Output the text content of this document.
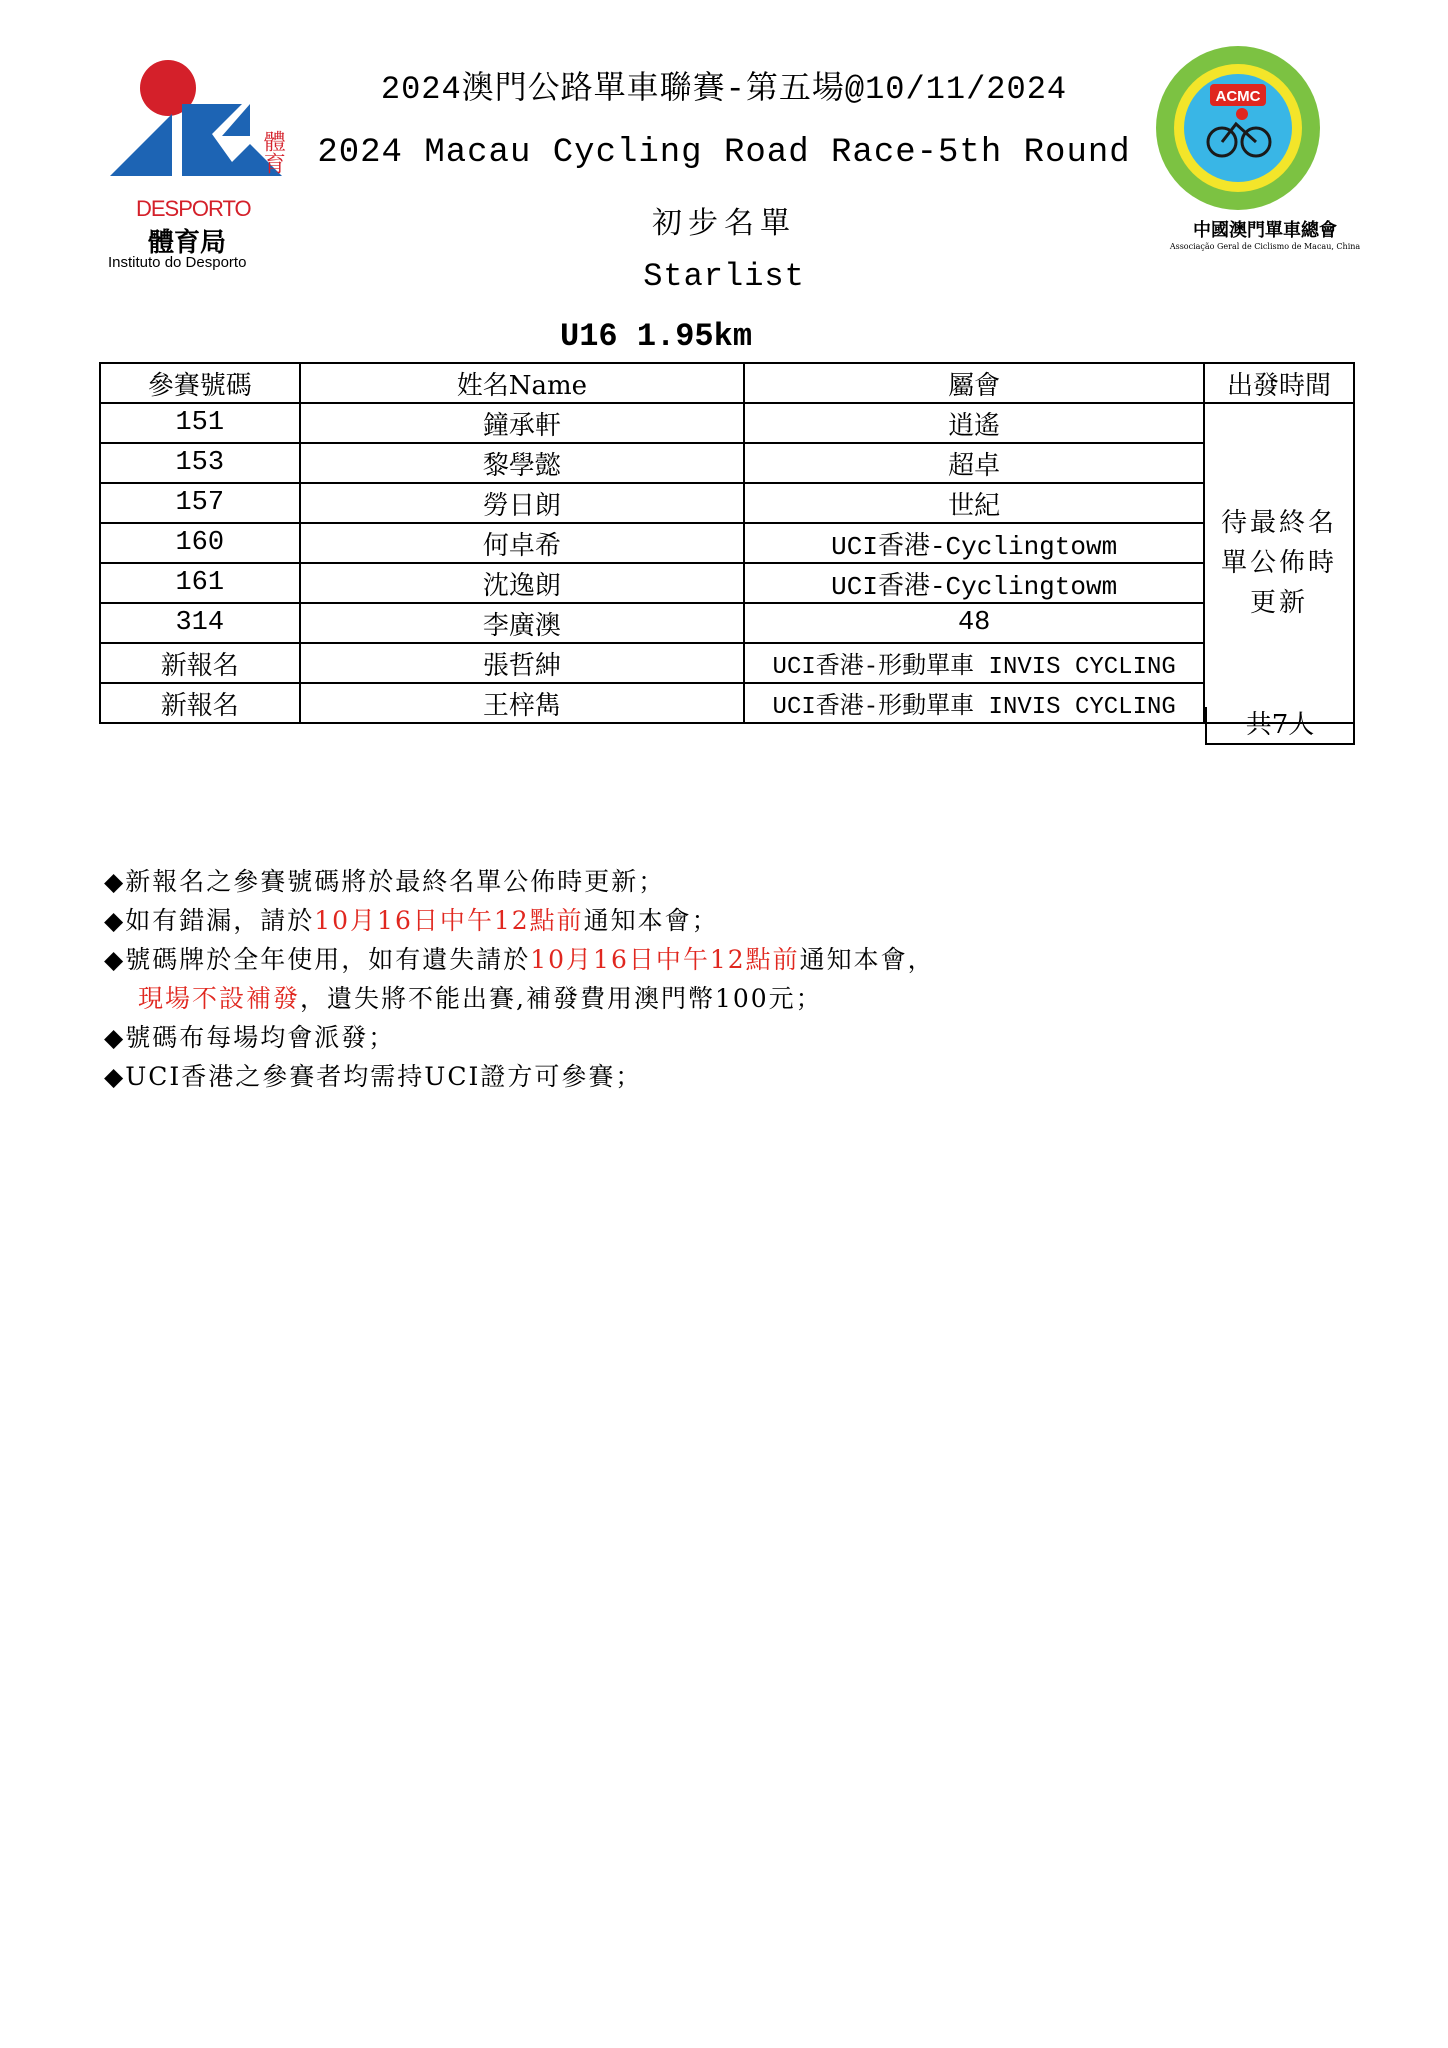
體育
DESPORTO
體育局
Instituto do Desporto
2024澳門公路單車聯賽-第五場@10/11/2024
2024 Macau Cycling Road Race-5th Round
初步名單
Starlist
U16 1.95km
ACMC
中國澳門單車總會
Associação Geral de Ciclismo de Macau, China
參賽號碼	姓名Name	屬會	出發時間
151	鐘承軒	逍遙	待最終名單公佈時更新

153	黎學懿	超卓	
157	勞日朗	世紀	
160	何卓希	UCI香港-Cyclingtowm	
161	沈逸朗	UCI香港-Cyclingtowm	
314	李廣澳	48	
新報名	張哲紳	UCI香港-形動單車 INVIS CYCLING	
新報名	王梓雋	UCI香港-形動單車 INVIS CYCLING	
共7人
◆新報名之參賽號碼將於最終名單公佈時更新；
◆如有錯漏，請於10月16日中午12點前通知本會；
◆號碼牌於全年使用，如有遺失請於10月16日中午12點前通知本會，
現場不設補發，遺失將不能出賽,補發費用澳門幣100元；
◆號碼布每場均會派發；
◆UCI香港之參賽者均需持UCI證方可參賽；
